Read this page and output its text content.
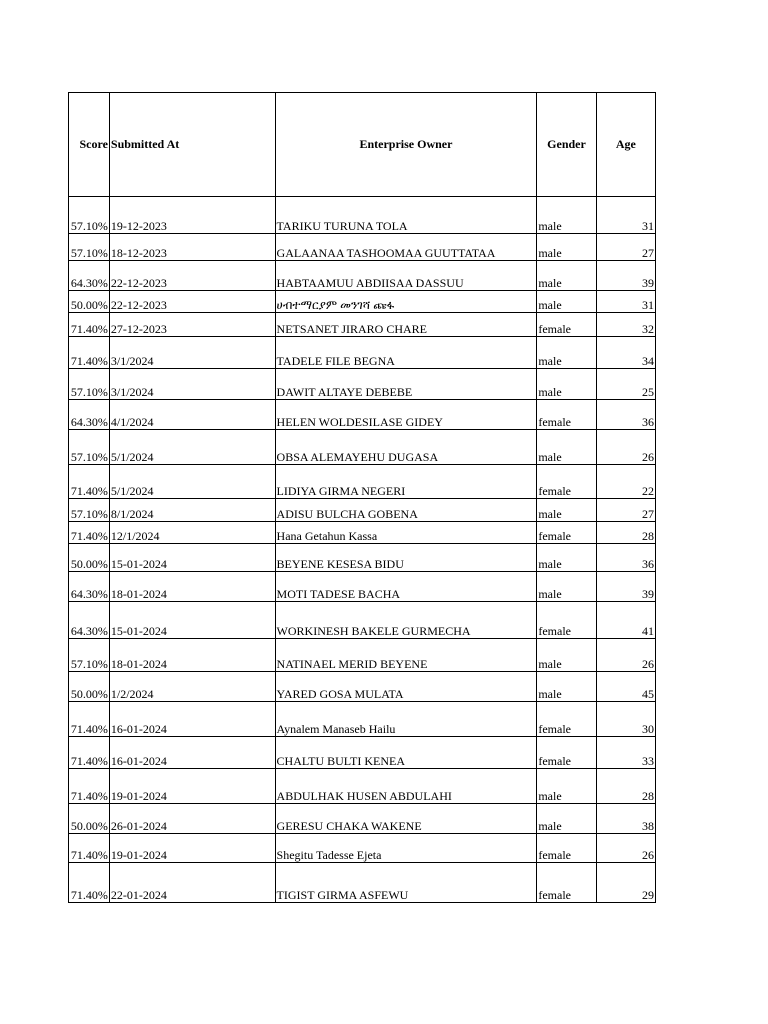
Score	Submitted At	Enterprise Owner	Gender	Age
57.10%	19-12-2023	TARIKU TURUNA TOLA	male	31
57.10%	18-12-2023	GALAANAA TASHOOMAA GUUTTATAA	male	27
64.30%	22-12-2023	HABTAAMUU ABDIISAA DASSUU	male	39
50.00%	22-12-2023	ሀብተማርያም መንገሻ ጩፋ	male	31
71.40%	27-12-2023	NETSANET JIRARO CHARE	female	32
71.40%	3/1/2024	TADELE FILE BEGNA	male	34
57.10%	3/1/2024	DAWIT ALTAYE DEBEBE	male	25
64.30%	4/1/2024	HELEN WOLDESILASE GIDEY	female	36
57.10%	5/1/2024	OBSA ALEMAYEHU DUGASA	male	26
71.40%	5/1/2024	LIDIYA GIRMA NEGERI	female	22
57.10%	8/1/2024	ADISU BULCHA GOBENA	male	27
71.40%	12/1/2024	Hana Getahun Kassa	female	28
50.00%	15-01-2024	BEYENE KESESA BIDU	male	36
64.30%	18-01-2024	MOTI TADESE BACHA	male	39
64.30%	15-01-2024	WORKINESH BAKELE GURMECHA	female	41
57.10%	18-01-2024	NATINAEL MERID BEYENE	male	26
50.00%	1/2/2024	YARED GOSA MULATA	male	45
71.40%	16-01-2024	Aynalem Manaseb Hailu	female	30
71.40%	16-01-2024	CHALTU BULTI KENEA	female	33
71.40%	19-01-2024	ABDULHAK HUSEN ABDULAHI	male	28
50.00%	26-01-2024	GERESU CHAKA WAKENE	male	38
71.40%	19-01-2024	Shegitu Tadesse Ejeta	female	26
71.40%	22-01-2024	TIGIST GIRMA ASFEWU	female	29
